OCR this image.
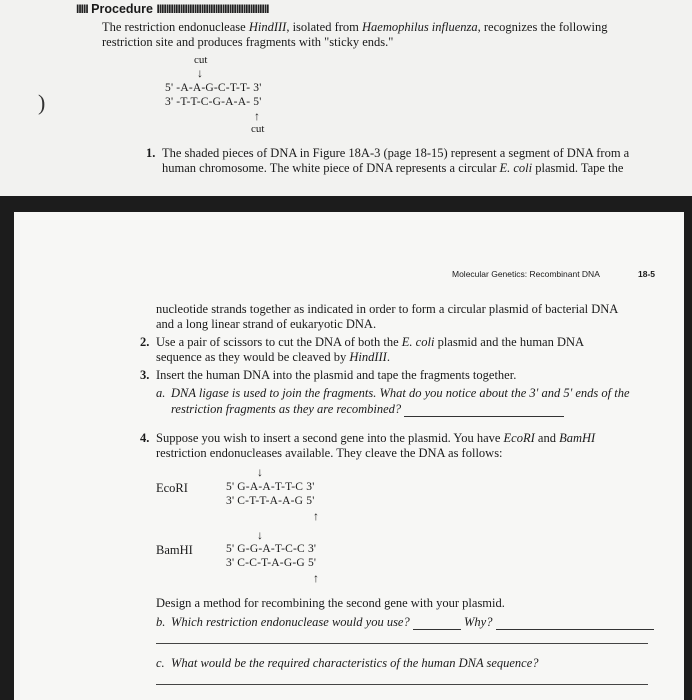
IIIII Procedure IIIIIIIIIIIIIIIIIIIIIIIIIIIIIIIIIIIIIIIIIIIIIIII
The restriction endonuclease HindIII, isolated from Haemophilus influenza, recognizes the following
restriction site and produces fragments with "sticky ends."
cut
↓
5' -A-A-G-C-T-T- 3'
3' -T-T-C-G-A-A- 5'
↑
cut
)
1. The shaded pieces of DNA in Figure 18A-3 (page 18-15) represent a segment of DNA from a
human chromosome. The white piece of DNA represents a circular E. coli plasmid. Tape the
Molecular Genetics: Recombinant DNA	18-5
nucleotide strands together as indicated in order to form a circular plasmid of bacterial DNA
and a long linear strand of eukaryotic DNA.
2. Use a pair of scissors to cut the DNA of both the E. coli plasmid and the human DNA
sequence as they would be cleaved by HindIII.
3. Insert the human DNA into the plasmid and tape the fragments together.
a. DNA ligase is used to join the fragments. What do you notice about the 3' and 5' ends of the
restriction fragments as they are recombined?
4. Suppose you wish to insert a second gene into the plasmid. You have EcoRI and BamHI
restriction endonucleases available. They cleave the DNA as follows:
↓
EcoRI	5' G-A-A-T-T-C 3'
3' C-T-T-A-A-G 5'
↑
↓
BamHI	5' G-G-A-T-C-C 3'
3' C-C-T-A-G-G 5'
↑
Design a method for recombining the second gene with your plasmid.
b. Which restriction endonuclease would you use?	Why?
c. What would be the required characteristics of the human DNA sequence?
